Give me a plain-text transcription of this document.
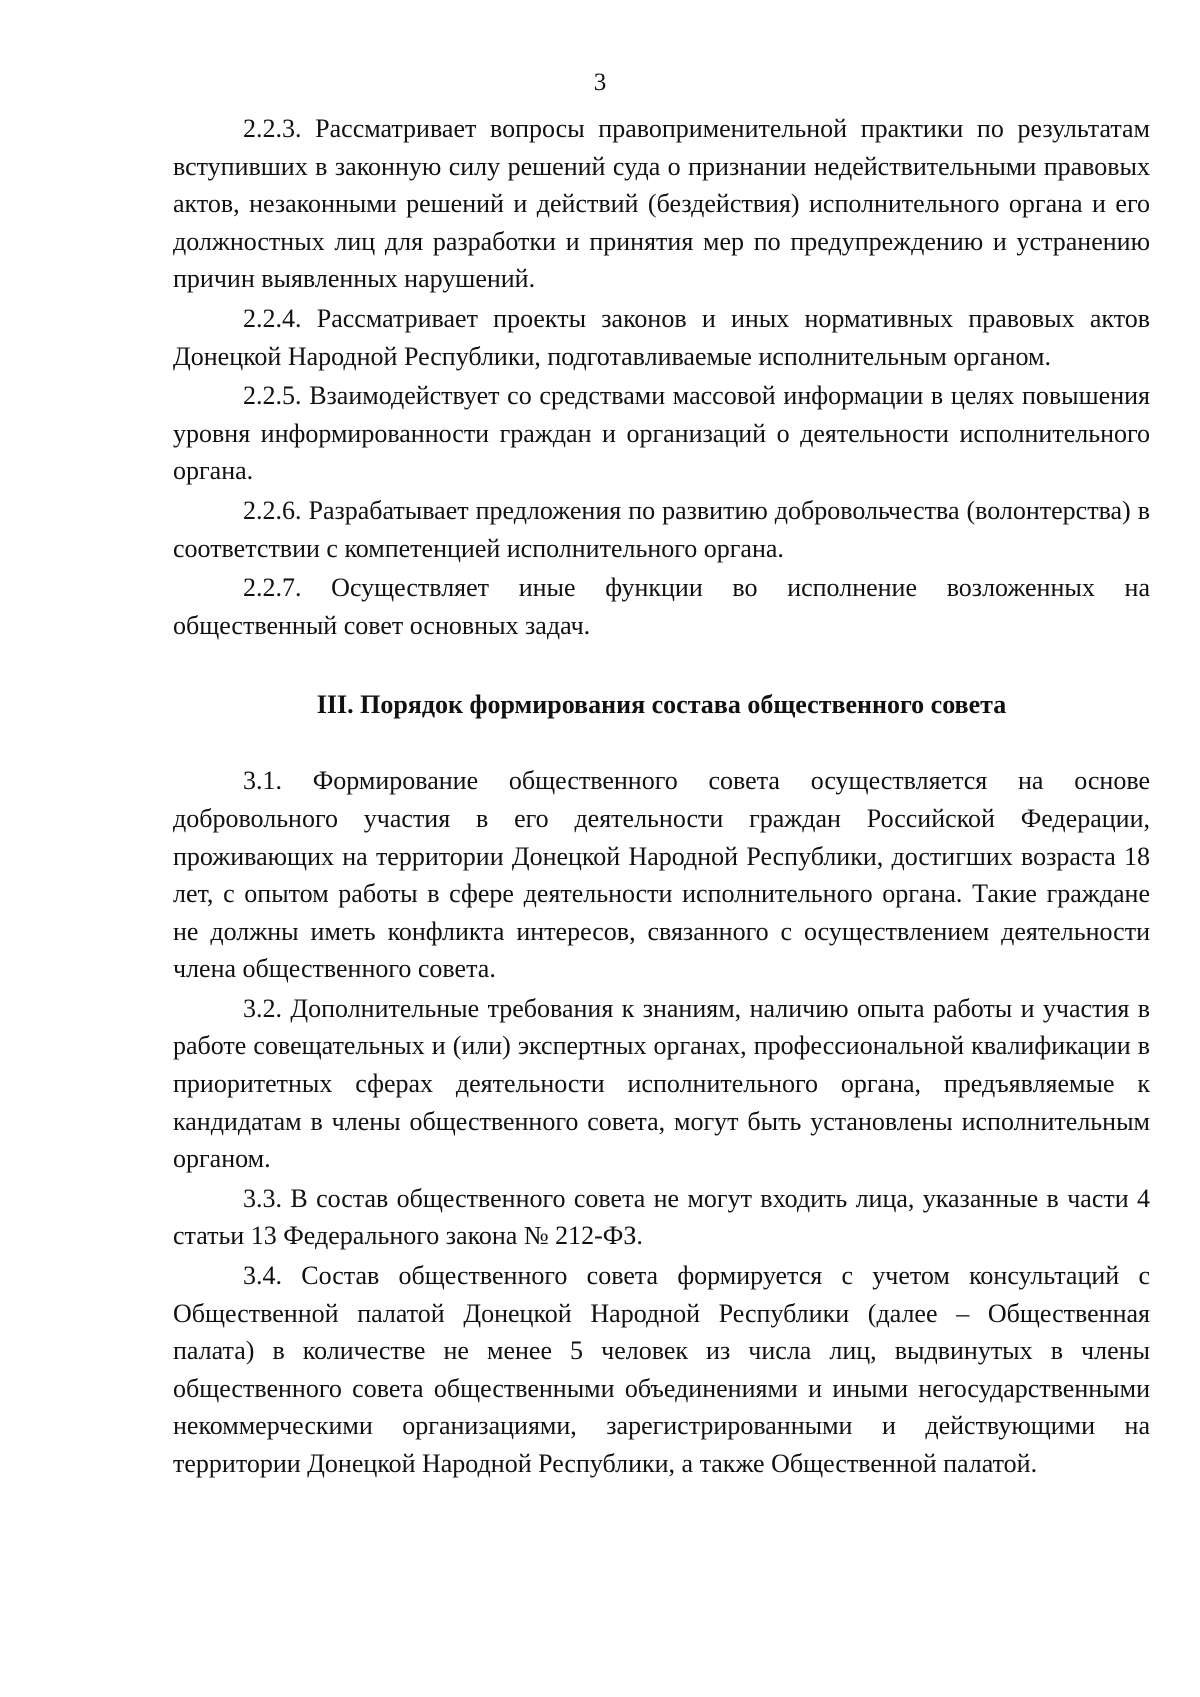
3

2.2.3. Рассматривает вопросы правоприменительной практики по результатам вступивших в законную силу решений суда о признании недействительными правовых актов, незаконными решений и действий (бездействия) исполнительного органа и его должностных лиц для разработки и принятия мер по предупреждению и устранению причин выявленных нарушений.

2.2.4. Рассматривает проекты законов и иных нормативных правовых актов Донецкой Народной Республики, подготавливаемые исполнительным органом.

2.2.5. Взаимодействует со средствами массовой информации в целях повышения уровня информированности граждан и организаций о деятельности исполнительного органа.

2.2.6. Разрабатывает предложения по развитию добровольчества (волонтерства) в соответствии с компетенцией исполнительного органа.

2.2.7. Осуществляет иные функции во исполнение возложенных на общественный совет основных задач.

III. Порядок формирования состава общественного совета

3.1. Формирование общественного совета осуществляется на основе добровольного участия в его деятельности граждан Российской Федерации, проживающих на территории Донецкой Народной Республики, достигших возраста 18 лет, с опытом работы в сфере деятельности исполнительного органа. Такие граждане не должны иметь конфликта интересов, связанного с осуществлением деятельности члена общественного совета.

3.2. Дополнительные требования к знаниям, наличию опыта работы и участия в работе совещательных и (или) экспертных органах, профессиональной квалификации в приоритетных сферах деятельности исполнительного органа, предъявляемые к кандидатам в члены общественного совета, могут быть установлены исполнительным органом.

3.3. В состав общественного совета не могут входить лица, указанные в части 4 статьи 13 Федерального закона № 212-ФЗ.

3.4. Состав общественного совета формируется с учетом консультаций с Общественной палатой Донецкой Народной Республики (далее – Общественная палата) в количестве не менее 5 человек из числа лиц, выдвинутых в члены общественного совета общественными объединениями и иными негосударственными некоммерческими организациями, зарегистрированными и действующими на территории Донецкой Народной Республики, а также Общественной палатой.
